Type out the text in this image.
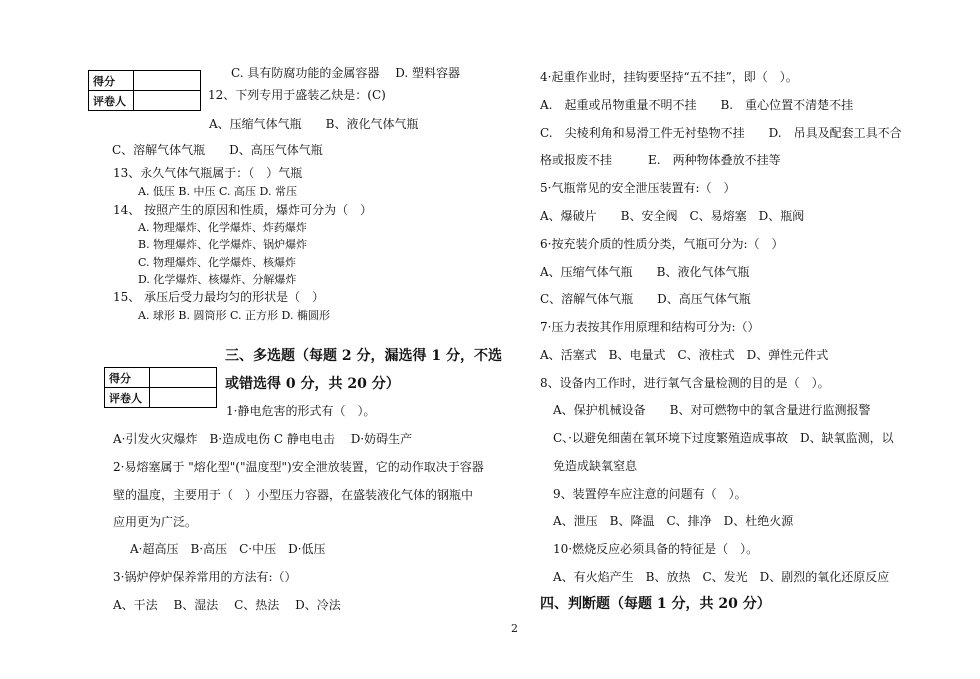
得分	
评卷人	
得分	
评卷人	
C. 具有防腐功能的金属容器　 D. 塑料容器
12、下列专用于盛装乙炔是：(C)
A、压缩气体气瓶　　B、液化气体气瓶
C、溶解气体气瓶　　D、高压气体气瓶
13、永久气体气瓶属于：（　）气瓶
A. 低压 B. 中压 C. 高压 D. 常压
14、 按照产生的原因和性质，爆炸可分为（　）
A. 物理爆炸、化学爆炸、炸药爆炸
B. 物理爆炸、化学爆炸、锅炉爆炸
C. 物理爆炸、化学爆炸、核爆炸
D. 化学爆炸、核爆炸、分解爆炸
15、 承压后受力最均匀的形状是（　）
A. 球形 B. 圆筒形 C. 正方形 D. 椭圆形
三、多选题（每题 2 分，漏选得 1 分，不选
或错选得 0 分，共 20 分）
1·静电危害的形式有（　）。
A·引发火灾爆炸　B·造成电伤 C 静电电击　 D·妨碍生产
2·易熔塞属于 "熔化型"("温度型")安全泄放装置，它的动作取决于容器
壁的温度，主要用于（　）小型压力容器，在盛装液化气体的钢瓶中
应用更为广泛。
A·超高压　B·高压　C·中压　D·低压
3·锅炉停炉保养常用的方法有:（）
A、干法　 B、湿法　 C、热法　 D、冷法
4·起重作业时，挂钩要坚持“五不挂”，即（　）。
A.　起重或吊物重量不明不挂　　B.　重心位置不清楚不挂
C.　尖棱利角和易滑工件无衬垫物不挂　　D.　吊具及配套工具不合
格或报废不挂　　　E.　两种物体叠放不挂等
5·气瓶常见的安全泄压装置有:（　）
A、爆破片　　B、安全阀　C、易熔塞　D、瓶阀
6·按充装介质的性质分类，气瓶可分为:（　）
A、压缩气体气瓶　　B、液化气体气瓶
C、溶解气体气瓶　　D、高压气体气瓶
7·压力表按其作用原理和结构可分为:（）
A、活塞式　B、电量式　C、液柱式　D、弹性元件式
8、设备内工作时，进行氧气含量检测的目的是（　）。
A、保护机械设备　　B、对可燃物中的氧含量进行监测报警
C、·以避免细菌在氧环境下过度繁殖造成事故　D、缺氧监测，以
免造成缺氧窒息
9、装置停车应注意的问题有（　）。
A、泄压　B、降温　C、排净　D、杜绝火源
10·燃烧反应必须具备的特征是（　）。
A、有火焰产生　B、放热　C、发光　D、剧烈的氧化还原反应
四、判断题（每题 1 分，共 20 分）
2
